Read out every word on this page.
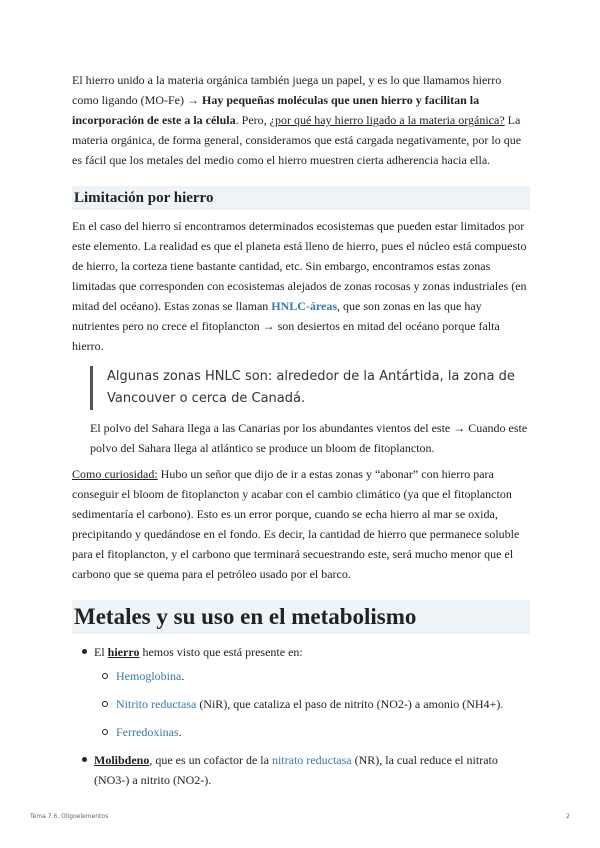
El hierro unido a la materia orgánica también juega un papel, y es lo que llamamos hierro como ligando (MO-Fe) → Hay pequeñas moléculas que unen hierro y facilitan la incorporación de este a la célula. Pero, ¿por qué hay hierro ligado a la materia orgánica? La materia orgánica, de forma general, consideramos que está cargada negativamente, por lo que es fácil que los metales del medio como el hierro muestren cierta adherencia hacia ella.

Limitación por hierro

En el caso del hierro sí encontramos determinados ecosistemas que pueden estar limitados por este elemento. La realidad es que el planeta está lleno de hierro, pues el núcleo está compuesto de hierro, la corteza tiene bastante cantidad, etc. Sin embargo, encontramos estas zonas limitadas que corresponden con ecosistemas alejados de zonas rocosas y zonas industriales (en mitad del océano). Estas zonas se llaman HNLC-áreas, que son zonas en las que hay nutrientes pero no crece el fitoplancton → son desiertos en mitad del océano porque falta hierro.

Algunas zonas HNLC son: alrededor de la Antártida, la zona de Vancouver o cerca de Canadá.

El polvo del Sahara llega a las Canarias por los abundantes vientos del este → Cuando este polvo del Sahara llega al atlántico se produce un bloom de fitoplancton.

Como curiosidad: Hubo un señor que dijo de ir a estas zonas y “abonar” con hierro para conseguir el bloom de fitoplancton y acabar con el cambio climático (ya que el fitoplancton sedimentaría el carbono). Esto es un error porque, cuando se echa hierro al mar se oxida, precipitando y quedándose en el fondo. Es decir, la cantidad de hierro que permanece soluble para el fitoplancton, y el carbono que terminará secuestrando este, será mucho menor que el carbono que se quema para el petróleo usado por el barco.

Metales y su uso en el metabolismo
El hierro hemos visto que está presente en:
Hemoglobina.
Nitrito reductasa (NiR), que cataliza el paso de nitrito (NO2-) a amonio (NH4+).
Ferredoxinas.
Molibdeno, que es un cofactor de la nitrato reductasa (NR), la cual reduce el nitrato (NO3-) a nitrito (NO2-).
Tema 7.6. Oligoelementos	2
